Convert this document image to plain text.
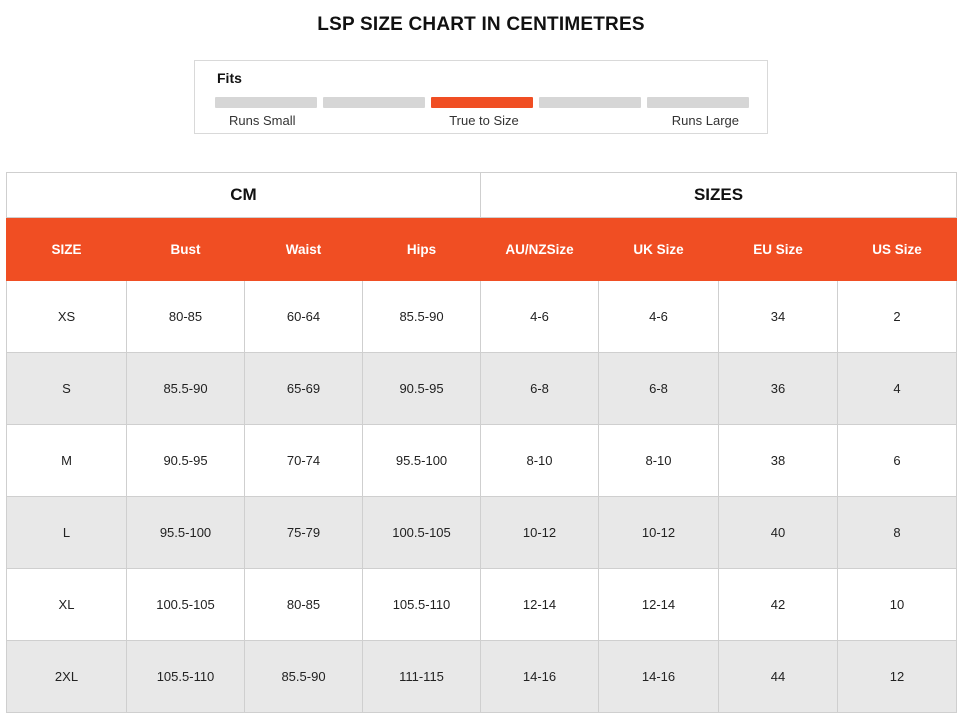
LSP SIZE CHART IN CENTIMETRES
Fits
Runs Small	True to Size	Runs Large
CM				SIZES			
SIZE	Bust	Waist	Hips	AU/NZSize	UK Size	EU Size	US Size
XS	80-85	60-64	85.5-90	4-6	4-6	34	2
S	85.5-90	65-69	90.5-95	6-8	6-8	36	4
M	90.5-95	70-74	95.5-100	8-10	8-10	38	6
L	95.5-100	75-79	100.5-105	10-12	10-12	40	8
XL	100.5-105	80-85	105.5-110	12-14	12-14	42	10
2XL	105.5-110	85.5-90	111-115	14-16	14-16	44	12
